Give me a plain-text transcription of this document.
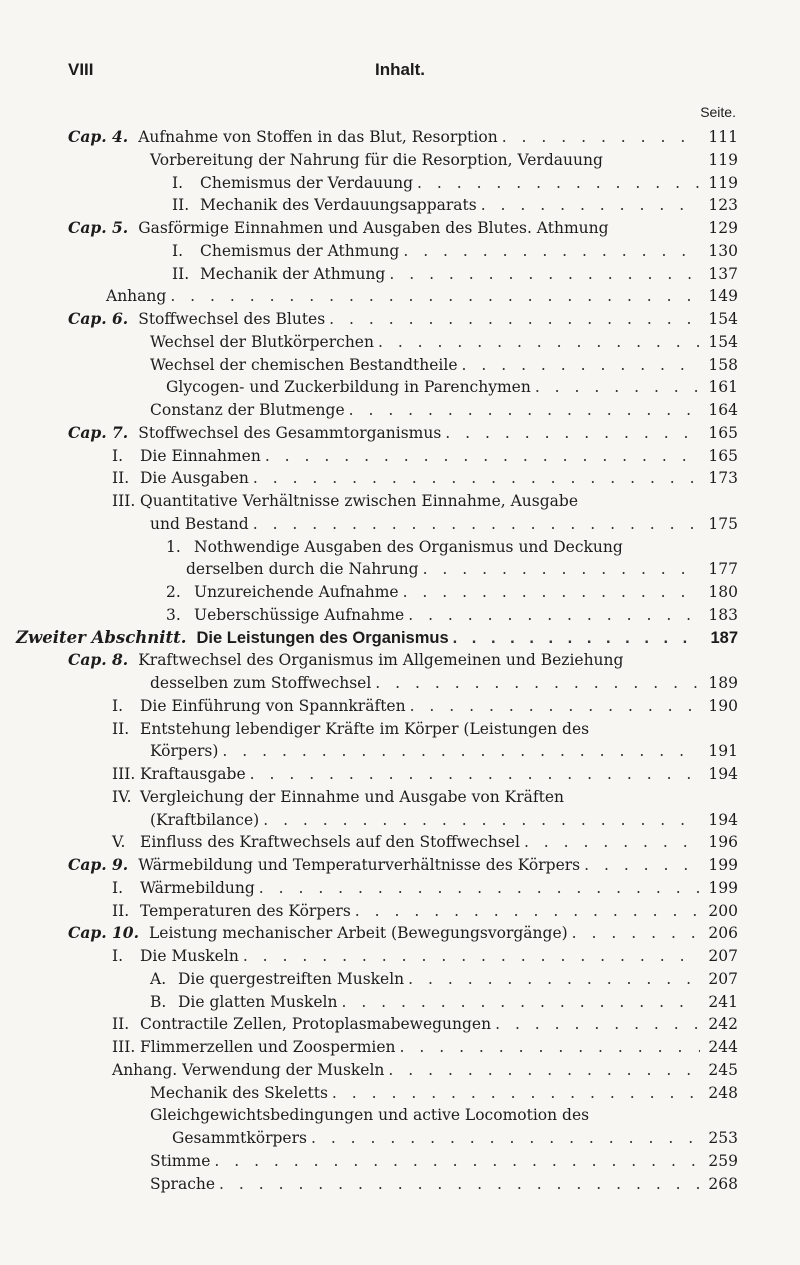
VIII	Inhalt.
Seite.
Cap. 4. Aufnahme von Stoffen in das Blut, Resorption . . .	111
Vorbereitung der Nahrung für die Resorption, Verdauung	119
I.	Chemismus der Verdauung . . .	119
II. Mechanik des Verdauungsapparats . . .	123
Cap. 5. Gasförmige Einnahmen und Ausgaben des Blutes. Athmung	129
I.	Chemismus der Athmung . . .	130
II. Mechanik der Athmung . . .	137
Anhang . . .	149
Cap. 6. Stoffwechsel des Blutes . . .	154
Wechsel der Blutkörperchen . . .	154
Wechsel der chemischen Bestandtheile . . .	158
Glycogen- und Zuckerbildung in Parenchymen . . .	161
Constanz der Blutmenge . . .	164
Cap. 7. Stoffwechsel des Gesammtorganismus . . .	165
I.	Die Einnahmen . . .	165
II. Die Ausgaben . . .	173
III. Quantitative Verhältnisse zwischen Einnahme, Ausgabe
und Bestand . . .	175
1. Nothwendige Ausgaben des Organismus und Deckung
derselben durch die Nahrung . . .	177
2. Unzureichende Aufnahme . . .	180
3. Ueberschüssige Aufnahme . . .	183
Zweiter Abschnitt. Die Leistungen des Organismus . . .	187
Cap. 8. Kraftwechsel des Organismus im Allgemeinen und Beziehung
desselben zum Stoffwechsel . . .	189
I.	Die Einführung von Spannkräften . . .	190
II. Entstehung lebendiger Kräfte im Körper (Leistungen des
Körpers) . . .	191
III. Kraftausgabe . . .	194
IV. Vergleichung der Einnahme und Ausgabe von Kräften
(Kraftbilance) . . .	194
V. Einfluss des Kraftwechsels auf den Stoffwechsel . . .	196
Cap. 9. Wärmebildung und Temperaturverhältnisse des Körpers . . .	199
I.	Wärmebildung . . .	199
II. Temperaturen des Körpers . . .	200
Cap. 10. Leistung mechanischer Arbeit (Bewegungsvorgänge) . . .	206
I.	Die Muskeln . . .	207
A. Die quergestreiften Muskeln . . .	207
B. Die glatten Muskeln . . .	241
II. Contractile Zellen, Protoplasmabewegungen . . .	242
III. Flimmerzellen und Zoospermien . . .	244
Anhang. Verwendung der Muskeln . . .	245
Mechanik des Skeletts . . .	248
Gleichgewichtsbedingungen und active Locomotion des
Gesammtkörpers . . .	253
Stimme . . .	259
Sprache . . .	268
